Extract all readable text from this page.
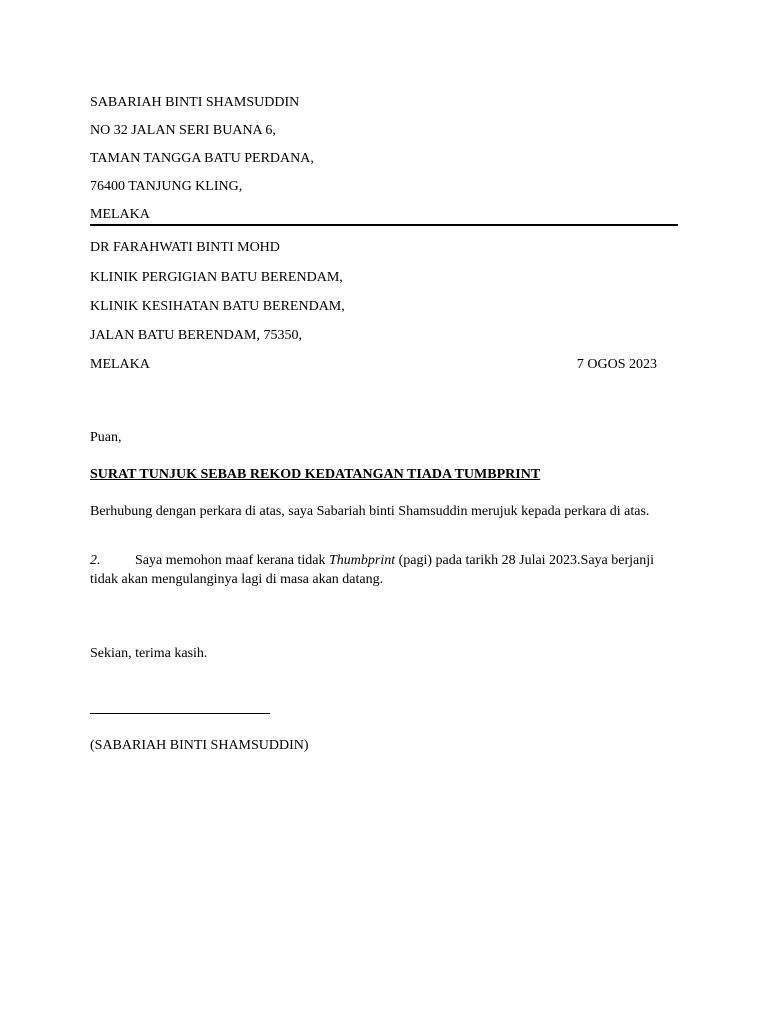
SABARIAH BINTI SHAMSUDDIN
NO 32 JALAN SERI BUANA 6,
TAMAN TANGGA BATU PERDANA,
76400 TANJUNG KLING,
MELAKA
DR FARAHWATI BINTI MOHD
KLINIK PERGIGIAN BATU BERENDAM,
KLINIK KESIHATAN BATU BERENDAM,
JALAN BATU BERENDAM, 75350,
MELAKA	7 OGOS 2023
Puan,
SURAT TUNJUK SEBAB REKOD KEDATANGAN TIADA TUMBPRINT
Berhubung dengan perkara di atas, saya Sabariah binti Shamsuddin merujuk kepada perkara di atas.
2. Saya memohon maaf kerana tidak Thumbprint (pagi) pada tarikh 28 Julai 2023.Saya berjanji tidak akan mengulanginya lagi di masa akan datang.
Sekian, terima kasih.
(SABARIAH BINTI SHAMSUDDIN)
